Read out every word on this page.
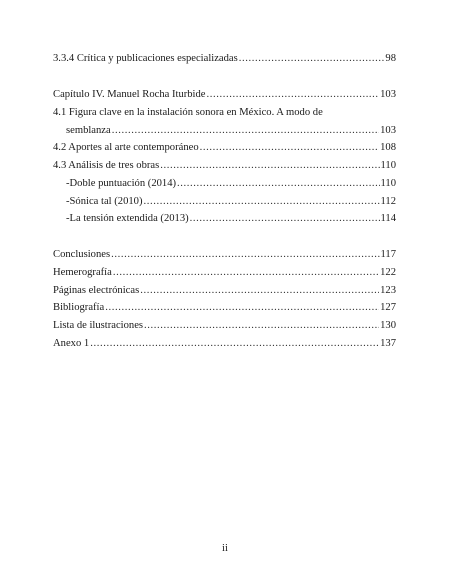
3.3.4 Crítica y publicaciones especializadas .....	98
Capítulo IV. Manuel Rocha Iturbide .....	103
4.1 Figura clave en la instalación sonora en México. A modo de
semblanza .....	103
4.2 Aportes al arte contemporáneo .....	108
4.3 Análisis de tres obras .....	110
-Doble puntuación (2014) .....	110
-Sónica tal (2010) .....	112
-La tensión extendida (2013) .....	114
Conclusiones .....	117
Hemerografía .....	122
Páginas electrónicas .....	123
Bibliografía .....	127
Lista de ilustraciones .....	130
Anexo 1 .....	137
ii
